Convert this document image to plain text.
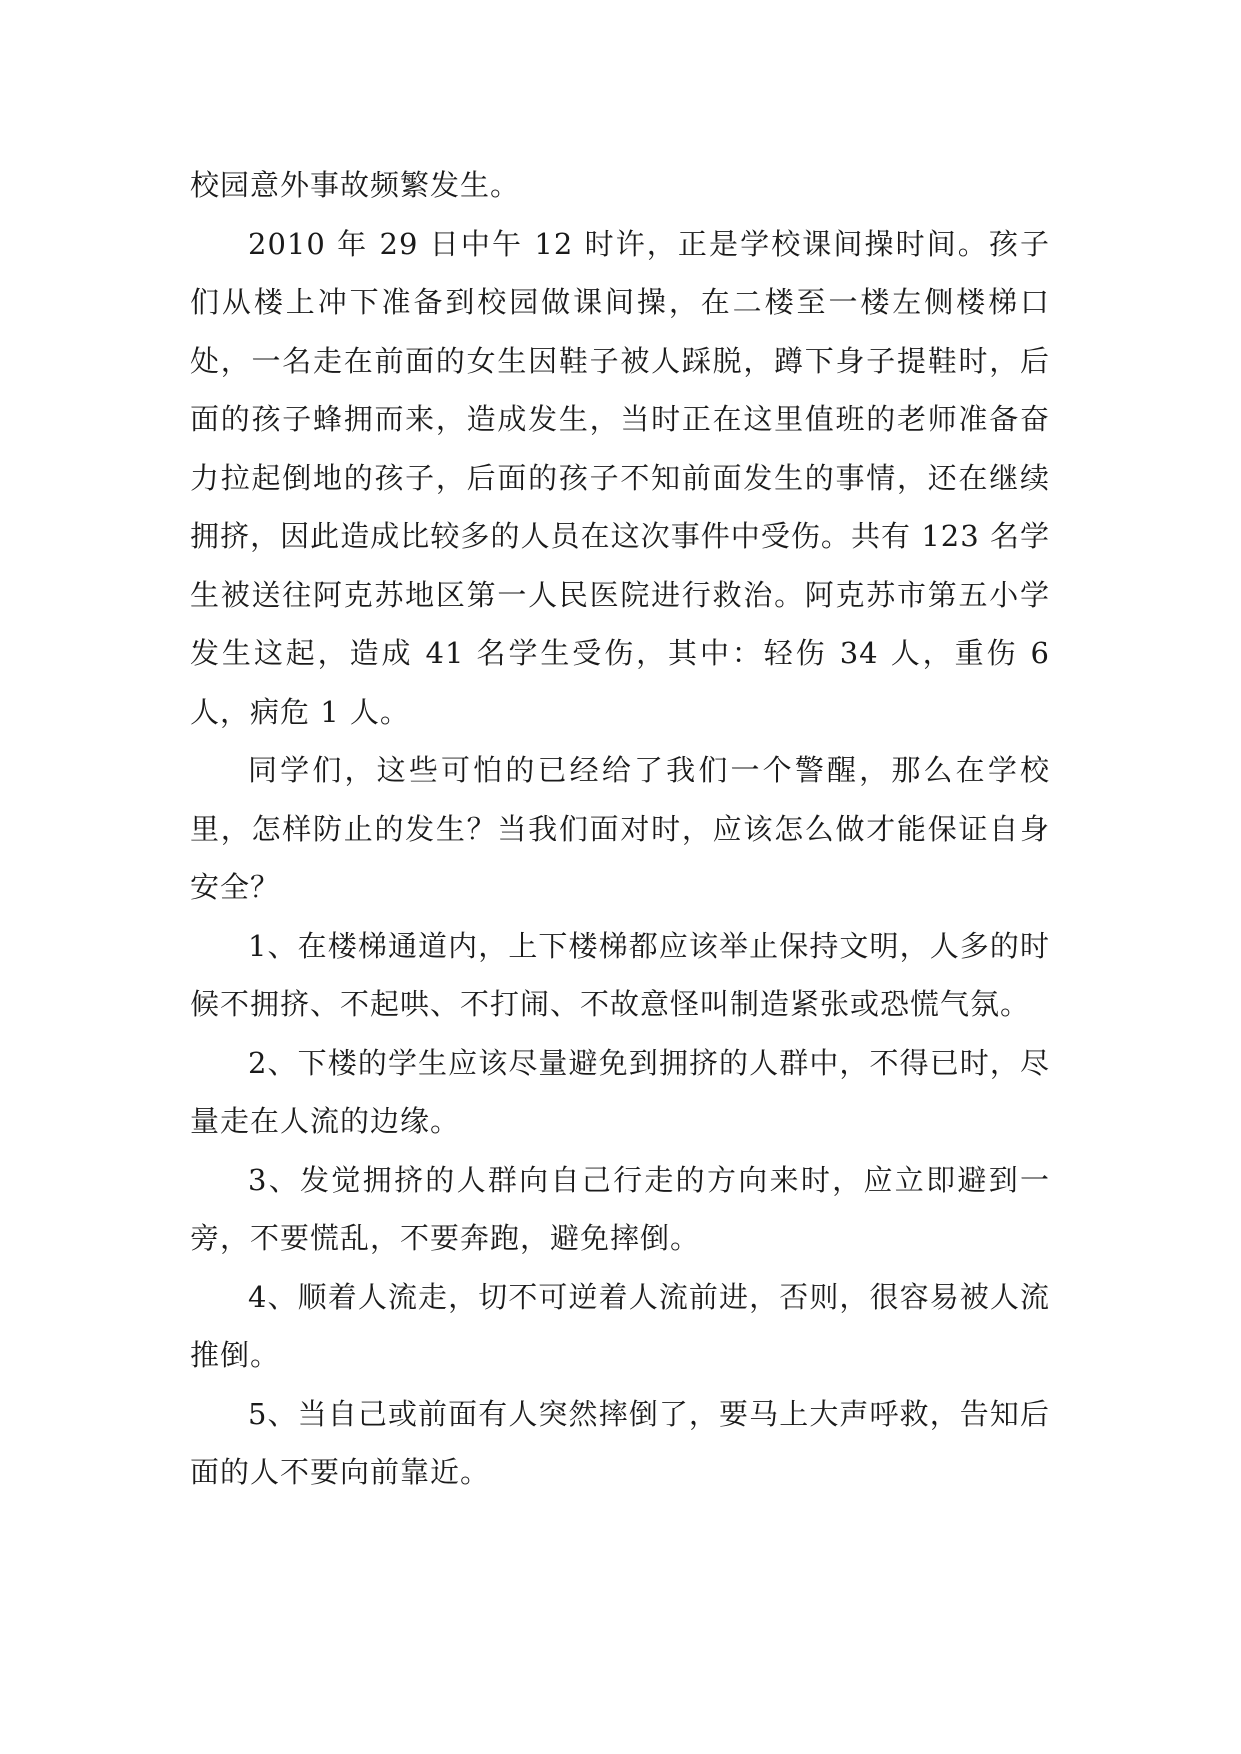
校园意外事故频繁发生。

2010 年 29 日中午 12 时许，正是学校课间操时间。孩子们从楼上冲下准备到校园做课间操，在二楼至一楼左侧楼梯口处，一名走在前面的女生因鞋子被人踩脱，蹲下身子提鞋时，后面的孩子蜂拥而来，造成发生，当时正在这里值班的老师准备奋力拉起倒地的孩子，后面的孩子不知前面发生的事情，还在继续拥挤，因此造成比较多的人员在这次事件中受伤。共有 123 名学生被送往阿克苏地区第一人民医院进行救治。阿克苏市第五小学发生这起，造成 41 名学生受伤，其中：轻伤 34 人，重伤 6 人，病危 1 人。

同学们，这些可怕的已经给了我们一个警醒，那么在学校里，怎样防止的发生？当我们面对时，应该怎么做才能保证自身安全？

1、在楼梯通道内，上下楼梯都应该举止保持文明，人多的时候不拥挤、不起哄、不打闹、不故意怪叫制造紧张或恐慌气氛。

2、下楼的学生应该尽量避免到拥挤的人群中，不得已时，尽量走在人流的边缘。

3、发觉拥挤的人群向自己行走的方向来时，应立即避到一旁，不要慌乱，不要奔跑，避免摔倒。

4、顺着人流走，切不可逆着人流前进，否则，很容易被人流推倒。

5、当自己或前面有人突然摔倒了，要马上大声呼救，告知后面的人不要向前靠近。
